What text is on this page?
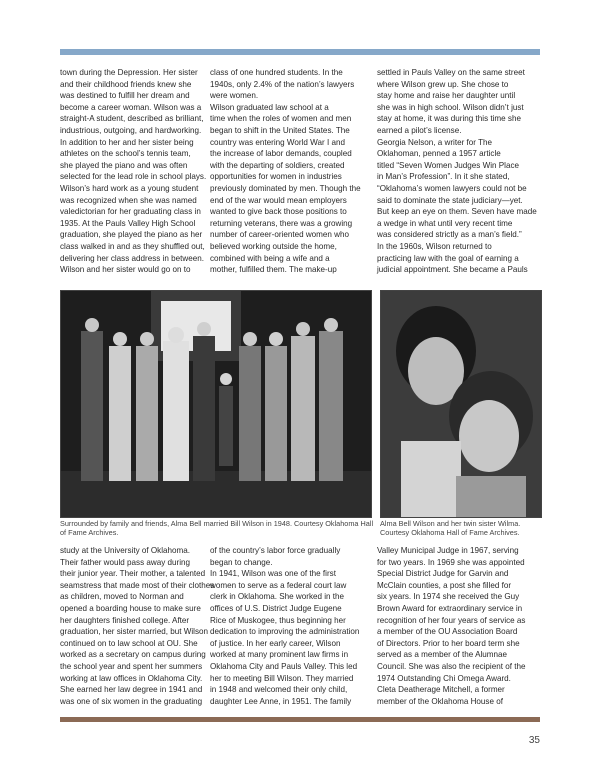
town during the Depression. Her sister

and their childhood friends knew she

was destined to fulfill her dream and

become a career woman. Wilson was a

straight-A student, described as brilliant,

industrious, outgoing, and hardworking.

In addition to her and her sister being

athletes on the school’s tennis team,

she played the piano and was often

selected for the lead role in school plays.

Wilson’s hard work as a young student

was recognized when she was named

valedictorian for her graduating class in

1935. At the Pauls Valley High School

graduation, she played the piano as her

class walked in and as they shuffled out,

delivering her class address in between.

Wilson and her sister would go on to

class of one hundred students. In the

1940s, only 2.4% of the nation’s lawyers

were women.

Wilson graduated law school at a

time when the roles of women and men

began to shift in the United States. The

country was entering World War I and

the increase of labor demands, coupled

with the departing of soldiers, created

opportunities for women in industries

previously dominated by men. Though the

end of the war would mean employers

wanted to give back those positions to

returning veterans, there was a growing

number of career-oriented women who

believed working outside the home,

combined with being a wife and a

mother, fulfilled them. The make-up

settled in Pauls Valley on the same street

where Wilson grew up. She chose to

stay home and raise her daughter until

she was in high school. Wilson didn’t just

stay at home, it was during this time she

earned a pilot’s license.

Georgia Nelson, a writer for The

Oklahoman, penned a 1957 article

titled “Seven Women Judges Win Place

in Man’s Profession”. In it she stated,

“Oklahoma’s women lawyers could not be

said to dominate the state judiciary—yet.

But keep an eye on them. Seven have made

a wedge in what until very recent time

was considered strictly as a man’s field.”

In the 1960s, Wilson returned to

practicing law with the goal of earning a

judicial appointment. She became a Pauls

Surrounded by family and friends, Alma Bell married Bill Wilson in 1948. Courtesy Oklahoma Hall of Fame Archives.
Alma Bell Wilson and her twin sister Wilma. Courtesy Oklahoma Hall of Fame Archives.

study at the University of Oklahoma.

Their father would pass away during

their junior year. Their mother, a talented

seamstress that made most of their clothes

as children, moved to Norman and

opened a boarding house to make sure

her daughters finished college. After

graduation, her sister married, but Wilson

continued on to law school at OU. She

worked as a secretary on campus during

the school year and spent her summers

working at law offices in Oklahoma City.

She earned her law degree in 1941 and

was one of six women in the graduating

of the country’s labor force gradually

began to change.

In 1941, Wilson was one of the first

women to serve as a federal court law

clerk in Oklahoma. She worked in the

offices of U.S. District Judge Eugene

Rice of Muskogee, thus beginning her

dedication to improving the administration

of justice. In her early career, Wilson

worked at many prominent law firms in

Oklahoma City and Pauls Valley. This led

her to meeting Bill Wilson. They married

in 1948 and welcomed their only child,

daughter Lee Anne, in 1951. The family

Valley Municipal Judge in 1967, serving

for two years. In 1969 she was appointed

Special District Judge for Garvin and

McClain counties, a post she filled for

six years. In 1974 she received the Guy

Brown Award for extraordinary service in

recognition of her four years of service as

a member of the OU Association Board

of Directors. Prior to her board term she

served as a member of the Alumnae

Council. She was also the recipient of the

1974 Outstanding Chi Omega Award.

Cleta Deatherage Mitchell, a former

member of the Oklahoma House of

35
